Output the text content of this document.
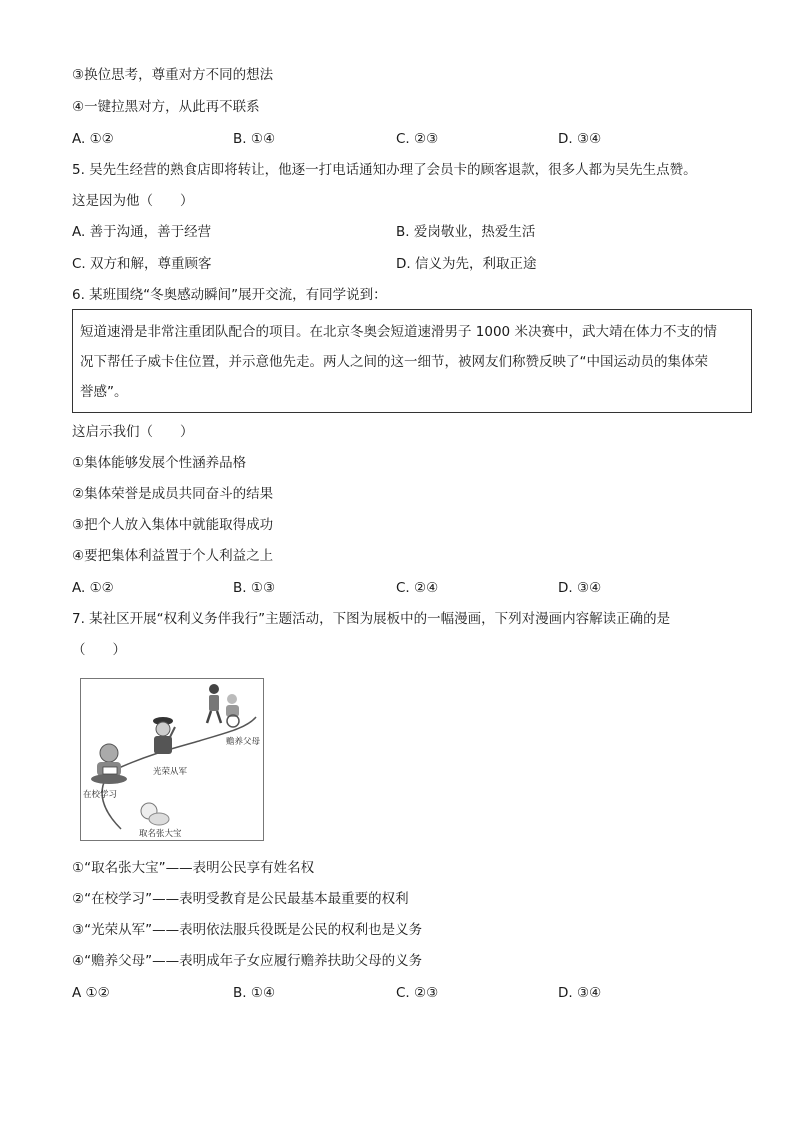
③换位思考，尊重对方不同的想法
④一键拉黑对方，从此再不联系
A. ①②	B. ①④	C. ②③	D. ③④
5. 吴先生经营的熟食店即将转让，他逐一打电话通知办理了会员卡的顾客退款，很多人都为吴先生点赞。
这是因为他（　　）
A. 善于沟通，善于经营	B. 爱岗敬业，热爱生活
C. 双方和解，尊重顾客	D. 信义为先，利取正途
6. 某班围绕“冬奥感动瞬间”展开交流，有同学说到：
短道速滑是非常注重团队配合的项目。在北京冬奥会短道速滑男子 1000 米决赛中，武大靖在体力不支的情
况下帮任子威卡住位置，并示意他先走。两人之间的这一细节，被网友们称赞反映了“中国运动员的集体荣
誉感”。
这启示我们（　　）
①集体能够发展个性涵养品格
②集体荣誉是成员共同奋斗的结果
③把个人放入集体中就能取得成功
④要把集体利益置于个人利益之上
A. ①②	B. ①③	C. ②④	D. ③④
7. 某社区开展“权利义务伴我行”主题活动，下图为展板中的一幅漫画，下列对漫画内容解读正确的是
（　　）
赡养父母
光荣从军
在校学习
取名张大宝
①“取名张大宝”——表明公民享有姓名权
②“在校学习”——表明受教育是公民最基本最重要的权利
③“光荣从军”——表明依法服兵役既是公民的权利也是义务
④“赡养父母”——表明成年子女应履行赡养扶助父母的义务
A ①②	B. ①④	C. ②③	D. ③④
